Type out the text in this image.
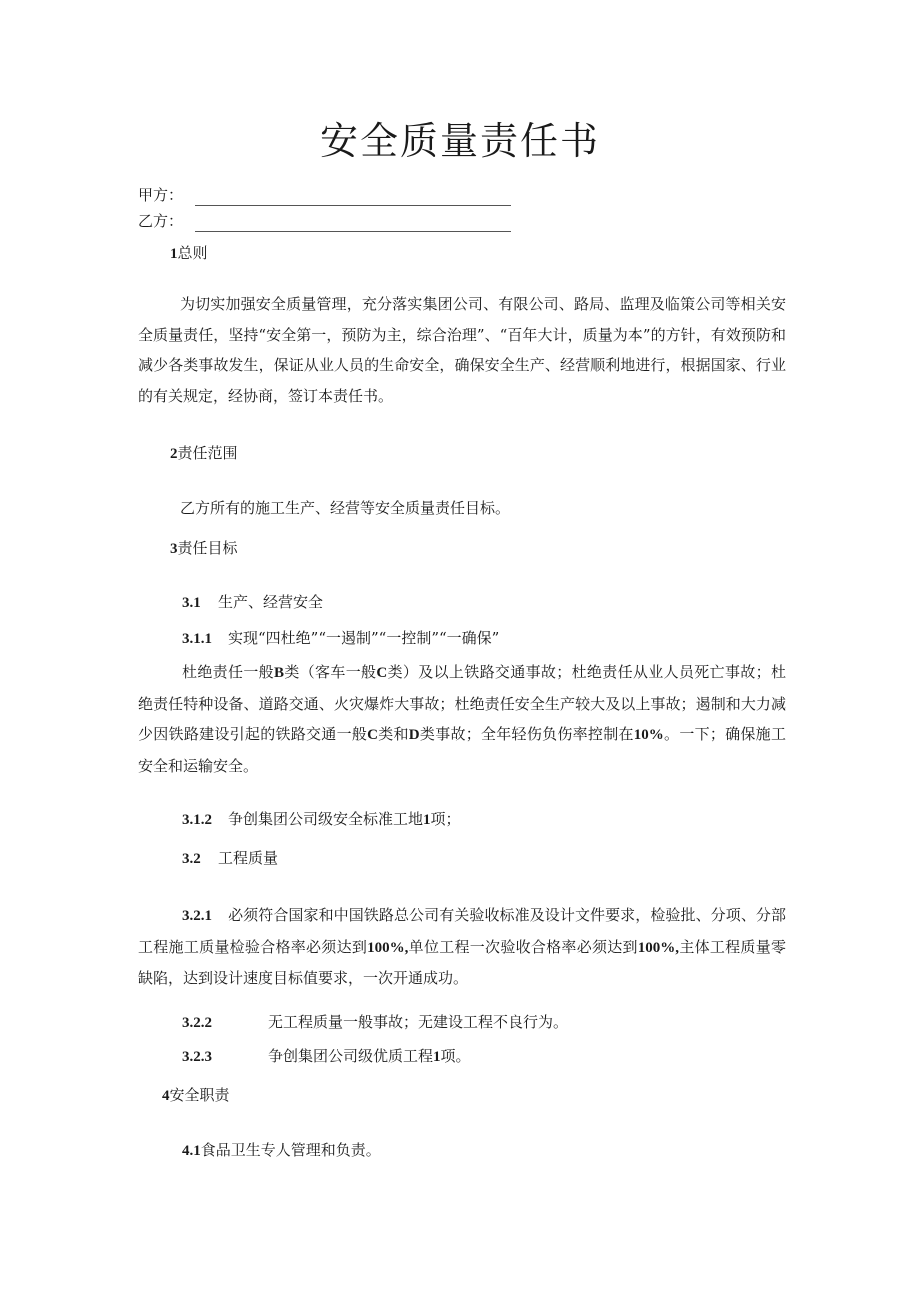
安全质量责任书
甲方：
乙方：
1总则
为切实加强安全质量管理，充分落实集团公司、有限公司、路局、监理及临策公司等相关安全质量责任，坚持“安全第一，预防为主，综合治理”、“百年大计，质量为本”的方针，有效预防和减少各类事故发生，保证从业人员的生命安全，确保安全生产、经营顺利地进行，根据国家、行业的有关规定，经协商，签订本责任书。
2责任范围
乙方所有的施工生产、经营等安全质量责任目标。
3责任目标
3.1 生产、经营安全
3.1.1 实现“四杜绝”“一遏制”“一控制”“一确保”
杜绝责任一般B类（客车一般C类）及以上铁路交通事故；杜绝责任从业人员死亡事故；杜绝责任特种设备、道路交通、火灾爆炸大事故；杜绝责任安全生产较大及以上事故；遏制和大力减少因铁路建设引起的铁路交通一般C类和D类事故；全年轻伤负伤率控制在10%。一下；确保施工安全和运输安全。
3.1.2 争创集团公司级安全标准工地1项；
3.2 工程质量
3.2.1 必须符合国家和中国铁路总公司有关验收标准及设计文件要求，检验批、分项、分部工程施工质量检验合格率必须达到100%,单位工程一次验收合格率必须达到100%,主体工程质量零缺陷，达到设计速度目标值要求，一次开通成功。
3.2.2	无工程质量一般事故；无建设工程不良行为。
3.2.3	争创集团公司级优质工程1项。
4安全职责
4.1食品卫生专人管理和负责。
